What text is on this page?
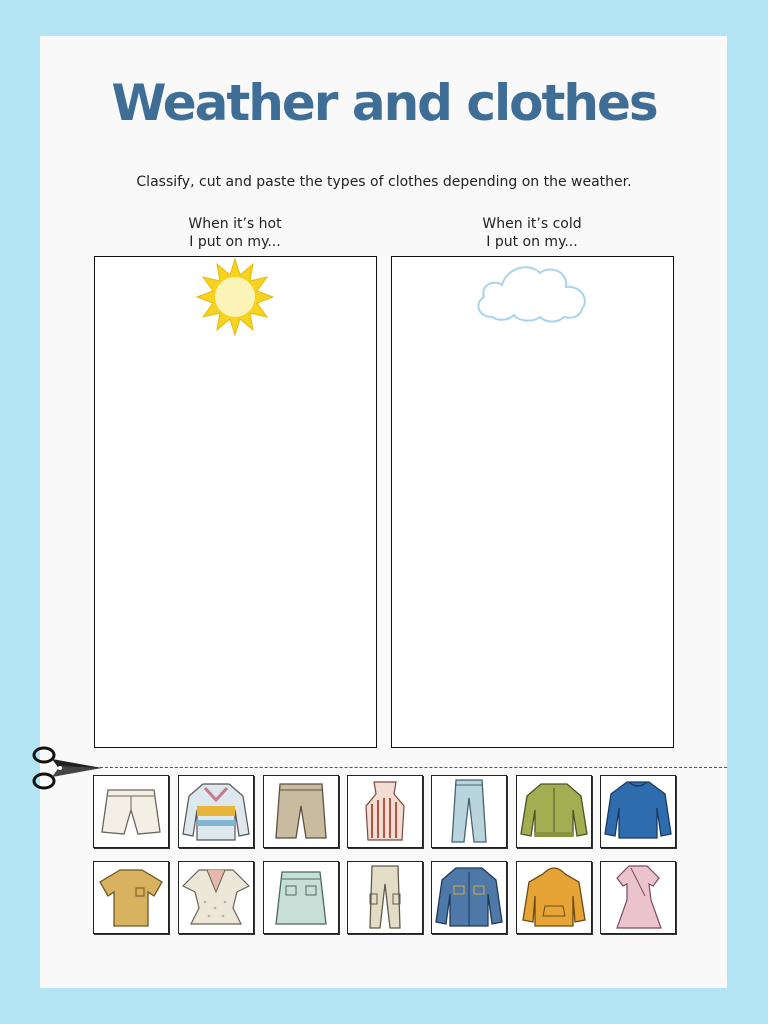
Weather and clothes
Classify, cut and paste the types of clothes depending on the weather.
When it’s hot
I put on my...
When it’s cold
I put on my...
